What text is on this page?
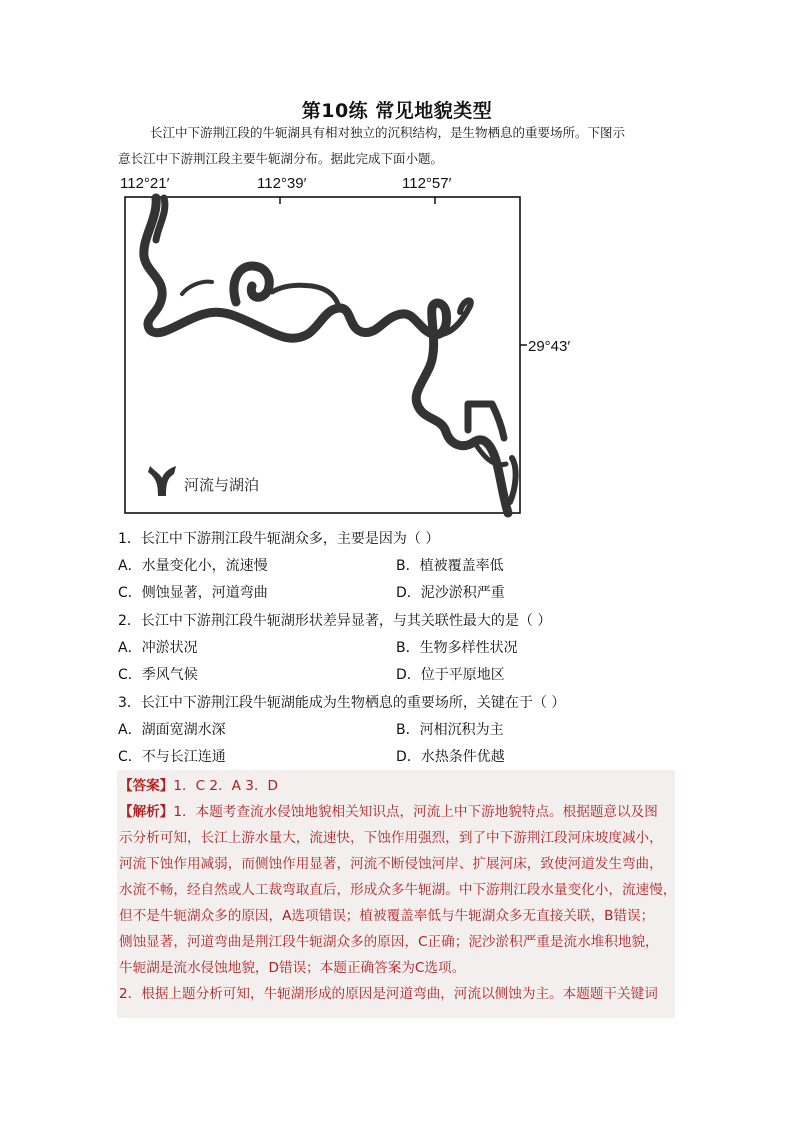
第10练 常见地貌类型
长江中下游荆江段的牛轭湖具有相对独立的沉积结构，是生物栖息的重要场所。下图示
意长江中下游荆江段主要牛轭湖分布。据此完成下面小题。
112°21′	112°39′	112°57′
29°43′
河流与湖泊
1．长江中下游荆江段牛轭湖众多，主要是因为（ ）
A．水量变化小，流速慢	B．植被覆盖率低
C．侧蚀显著，河道弯曲	D．泥沙淤积严重
2．长江中下游荆江段牛轭湖形状差异显著，与其关联性最大的是（ ）
A．冲淤状况	B．生物多样性状况
C．季风气候	D．位于平原地区
3．长江中下游荆江段牛轭湖能成为生物栖息的重要场所，关键在于（ ）
A．湖面宽湖水深	B．河相沉积为主
C．不与长江连通	D．水热条件优越
【答案】1．C 2．A 3．D
【解析】1．本题考查流水侵蚀地貌相关知识点，河流上中下游地貌特点。根据题意以及图
示分析可知，长江上游水量大，流速快，下蚀作用强烈，到了中下游荆江段河床坡度减小，
河流下蚀作用减弱，而侧蚀作用显著，河流不断侵蚀河岸、扩展河床，致使河道发生弯曲，
水流不畅，经自然或人工裁弯取直后，形成众多牛轭湖。中下游荆江段水量变化小，流速慢，
但不是牛轭湖众多的原因，A选项错误；植被覆盖率低与牛轭湖众多无直接关联，B错误；
侧蚀显著，河道弯曲是荆江段牛轭湖众多的原因，C正确；泥沙淤积严重是流水堆积地貌，
牛轭湖是流水侵蚀地貌，D错误；本题正确答案为C选项。
2．根据上题分析可知，牛轭湖形成的原因是河道弯曲，河流以侧蚀为主。本题题干关键词
